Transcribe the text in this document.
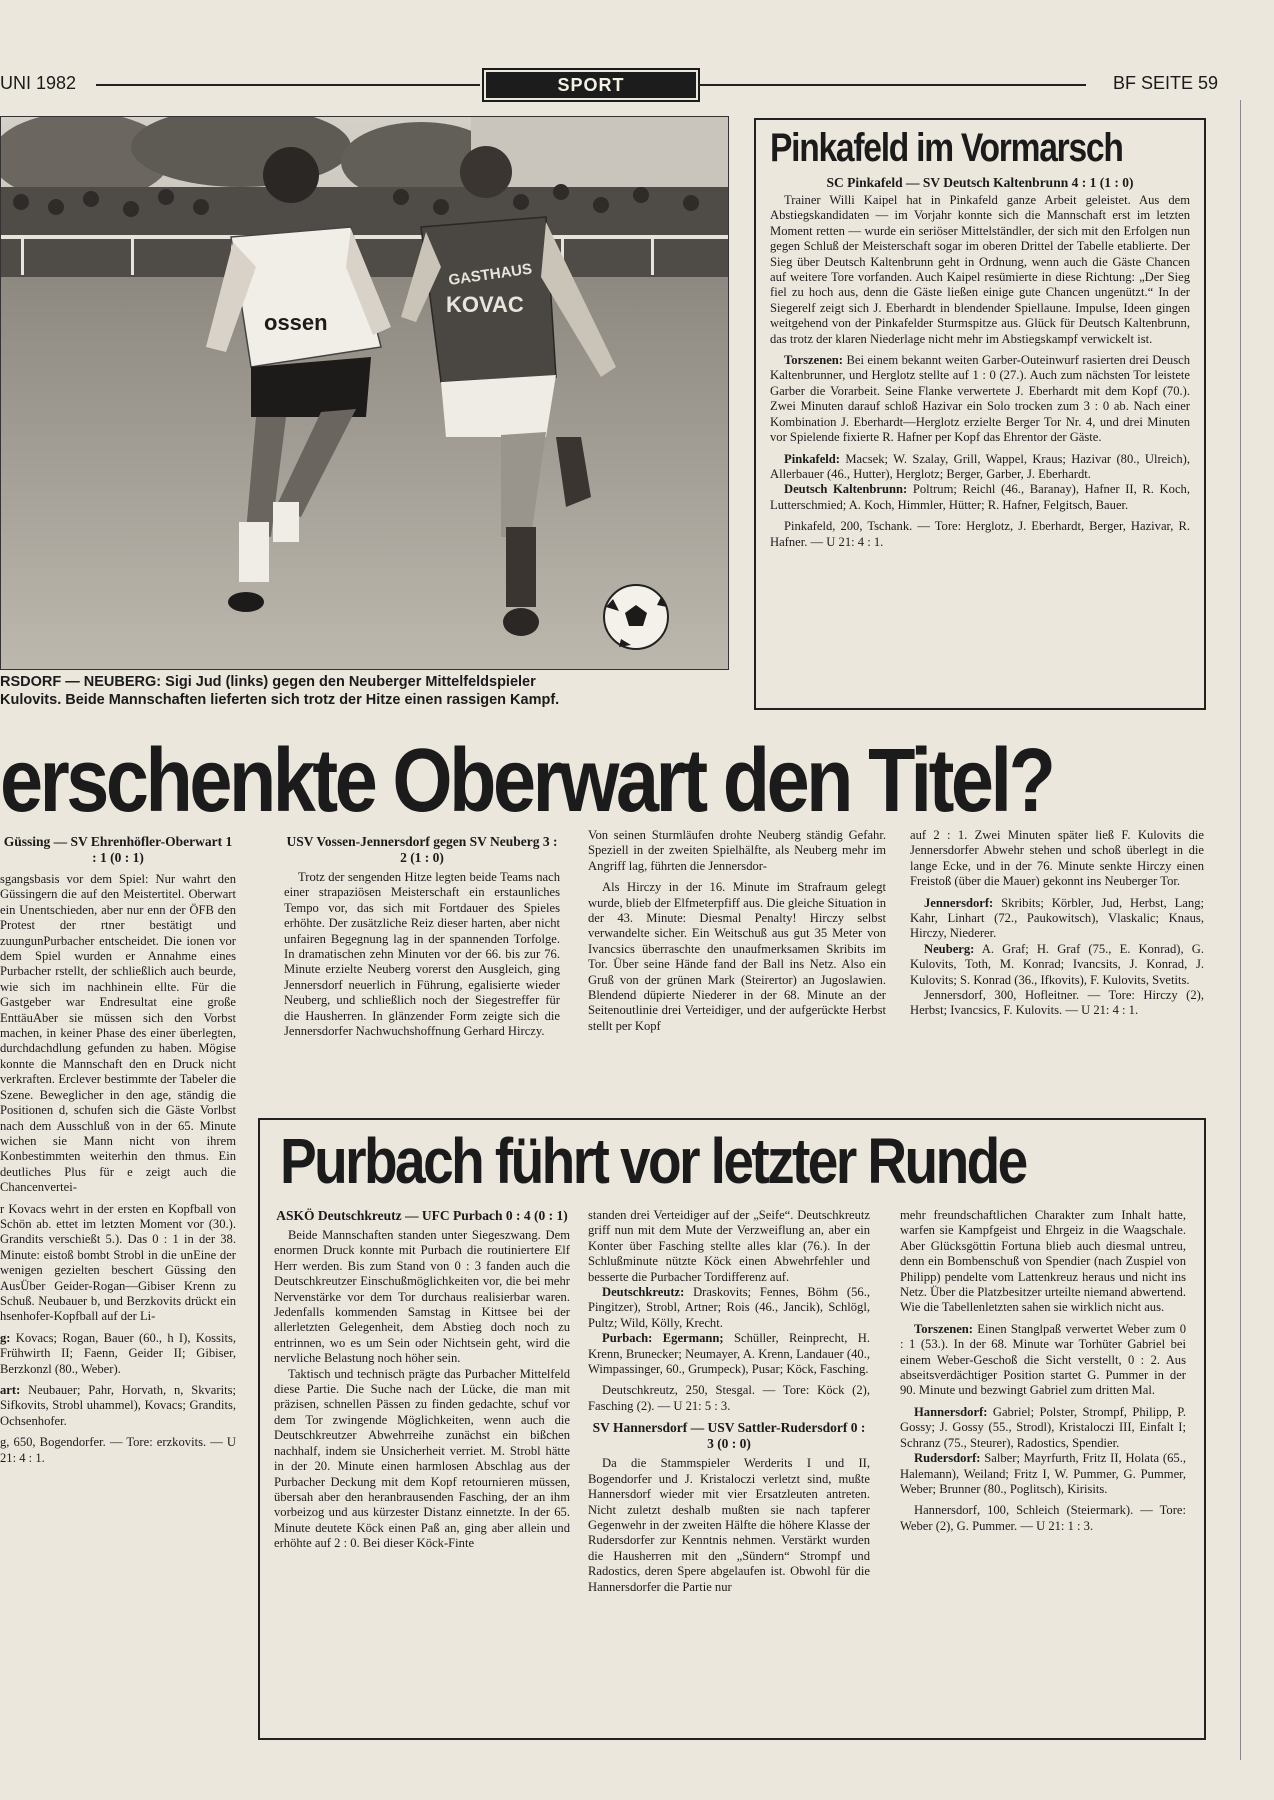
UNI 1982	SPORT	BF SEITE 59
ossen
GASTHAUS
KOVAC
RSDORF — NEUBERG: Sigi Jud (links) gegen den Neuberger Mittelfeldspieler
Kulovits. Beide Mannschaften lieferten sich trotz der Hitze einen rassigen Kampf.
Pinkafeld im Vormarsch
SC Pinkafeld — SV Deutsch Kaltenbrunn 4 : 1 (1 : 0)

Trainer Willi Kaipel hat in Pinkafeld ganze Arbeit geleistet. Aus dem Abstiegskandidaten — im Vorjahr konnte sich die Mannschaft erst im letzten Moment retten — wurde ein seriöser Mittelständler, der sich mit den Erfolgen nun gegen Schluß der Meisterschaft sogar im oberen Drittel der Tabelle etablierte. Der Sieg über Deutsch Kaltenbrunn geht in Ordnung, wenn auch die Gäste Chancen auf weitere Tore vorfanden. Auch Kaipel resümierte in diese Richtung: „Der Sieg fiel zu hoch aus, denn die Gäste ließen einige gute Chancen ungenützt.“ In der Siegerelf zeigt sich J. Eberhardt in blendender Spiellaune. Impulse, Ideen gingen weitgehend von der Pinkafelder Sturmspitze aus. Glück für Deutsch Kaltenbrunn, das trotz der klaren Niederlage nicht mehr im Abstiegskampf verwickelt ist.

Torszenen: Bei einem bekannt weiten Garber-Outeinwurf rasierten drei Deusch Kaltenbrunner, und Herglotz stellte auf 1 : 0 (27.). Auch zum nächsten Tor leistete Garber die Vorarbeit. Seine Flanke verwertete J. Eberhardt mit dem Kopf (70.). Zwei Minuten darauf schloß Hazivar ein Solo trocken zum 3 : 0 ab. Nach einer Kombination J. Eberhardt—Herglotz erzielte Berger Tor Nr. 4, und drei Minuten vor Spielende fixierte R. Hafner per Kopf das Ehrentor der Gäste.

Pinkafeld: Macsek; W. Szalay, Grill, Wappel, Kraus; Hazivar (80., Ulreich), Allerbauer (46., Hutter), Herglotz; Berger, Garber, J. Eberhardt.

Deutsch Kaltenbrunn: Poltrum; Reichl (46., Baranay), Hafner II, R. Koch, Lutterschmied; A. Koch, Himmler, Hütter; R. Hafner, Felgitsch, Bauer.

Pinkafeld, 200, Tschank. — Tore: Herglotz, J. Eberhardt, Berger, Hazivar, R. Hafner. — U 21: 4 : 1.

erschenkte Oberwart den Titel?
Güssing — SV Ehrenhöfler-Oberwart 1 : 1 (0 : 1)

sgangsbasis vor dem Spiel: Nur wahrt den Güssingern die auf den Meistertitel. Oberwart ein Unentschieden, aber nur enn der ÖFB den Protest der rtner bestätigt und zuungunPurbacher entscheidet. Die ionen vor dem Spiel wurden er Annahme eines Purbacher rstellt, der schließlich auch beurde, wie sich im nachhinein ellte. Für die Gastgeber war Endresultat eine große EnttäuAber sie müssen sich den Vorbst machen, in keiner Phase des einer überlegten, durchdachdlung gefunden zu haben. Mögise konnte die Mannschaft den en Druck nicht verkraften. Erclever bestimmte der Tabeler die Szene. Beweglicher in den age, ständig die Positionen d, schufen sich die Gäste Vorlbst nach dem Ausschluß von in der 65. Minute wichen sie Mann nicht von ihrem Konbestimmten weiterhin den thmus. Ein deutliches Plus für e zeigt auch die Chancenvertei-

r Kovacs wehrt in der ersten en Kopfball von Schön ab. ettet im letzten Moment vor (30.). Grandits verschießt 5.). Das 0 : 1 in der 38. Minute: eistoß bombt Strobl in die unEine der wenigen gezielten beschert Güssing den AusÜber Geider-Rogan—Gibiser Krenn zu Schuß. Neubauer b, und Berzkovits drückt ein hsenhofer-Kopfball auf der Li-

g: Kovacs; Rogan, Bauer (60., h I), Kossits, Frühwirth II; Faenn, Geider II; Gibiser, Berzkonzl (80., Weber).

art: Neubauer; Pahr, Horvath, n, Skvarits; Sifkovits, Strobl uhammel), Kovacs; Grandits, Ochsenhofer.

g, 650, Bogendorfer. — Tore: erzkovits. — U 21: 4 : 1.

USV Vossen-Jennersdorf gegen SV Neuberg 3 : 2 (1 : 0)

Trotz der sengenden Hitze legten beide Teams nach einer strapaziösen Meisterschaft ein erstaunliches Tempo vor, das sich mit Fortdauer des Spieles erhöhte. Der zusätzliche Reiz dieser harten, aber nicht unfairen Begegnung lag in der spannenden Torfolge. In dramatischen zehn Minuten vor der 66. bis zur 76. Minute erzielte Neuberg vorerst den Ausgleich, ging Jennersdorf neuerlich in Führung, egalisierte wieder Neuberg, und schließlich noch der Siegestreffer für die Hausherren. In glänzender Form zeigte sich die Jennersdorfer Nachwuchshoffnung Gerhard Hirczy.

Von seinen Sturmläufen drohte Neuberg ständig Gefahr. Speziell in der zweiten Spielhälfte, als Neuberg mehr im Angriff lag, führten die Jennersdor-

Als Hirczy in der 16. Minute im Strafraum gelegt wurde, blieb der Elfmeterpfiff aus. Die gleiche Situation in der 43. Minute: Diesmal Penalty! Hirczy selbst verwandelte sicher. Ein Weitschuß aus gut 35 Meter von Ivancsics überraschte den unaufmerksamen Skribits im Tor. Über seine Hände fand der Ball ins Netz. Also ein Gruß von der grünen Mark (Steirertor) an Jugoslawien. Blendend düpierte Niederer in der 68. Minute an der Seitenoutlinie drei Verteidiger, und der aufgerückte Herbst stellt per Kopf

auf 2 : 1. Zwei Minuten später ließ F. Kulovits die Jennersdorfer Abwehr stehen und schoß überlegt in die lange Ecke, und in der 76. Minute senkte Hirczy einen Freistoß (über die Mauer) gekonnt ins Neuberger Tor.

Jennersdorf: Skribits; Körbler, Jud, Herbst, Lang; Kahr, Linhart (72., Paukowitsch), Vlaskalic; Knaus, Hirczy, Niederer.

Neuberg: A. Graf; H. Graf (75., E. Konrad), G. Kulovits, Toth, M. Konrad; Ivancsits, J. Konrad, J. Kulovits; S. Konrad (36., Ifkovits), F. Kulovits, Svetits.

Jennersdorf, 300, Hofleitner. — Tore: Hirczy (2), Herbst; Ivancsics, F. Kulovits. — U 21: 4 : 1.

Purbach führt vor letzter Runde
ASKÖ Deutschkreutz — UFC Purbach 0 : 4 (0 : 1)

Beide Mannschaften standen unter Siegeszwang. Dem enormen Druck konnte mit Purbach die routiniertere Elf Herr werden. Bis zum Stand von 0 : 3 fanden auch die Deutschkreutzer Einschußmöglichkeiten vor, die bei mehr Nervenstärke vor dem Tor durchaus realisierbar waren. Jedenfalls kommenden Samstag in Kittsee bei der allerletzten Gelegenheit, dem Abstieg doch noch zu entrinnen, wo es um Sein oder Nichtsein geht, wird die nervliche Belastung noch höher sein.

Taktisch und technisch prägte das Purbacher Mittelfeld diese Partie. Die Suche nach der Lücke, die man mit präzisen, schnellen Pässen zu finden gedachte, schuf vor dem Tor zwingende Möglichkeiten, wenn auch die Deutschkreutzer Abwehrreihe zunächst ein bißchen nachhalf, indem sie Unsicherheit verriet. M. Strobl hätte in der 20. Minute einen harmlosen Abschlag aus der Purbacher Deckung mit dem Kopf retournieren müssen, übersah aber den heranbrausenden Fasching, der an ihm vorbeizog und aus kürzester Distanz einnetzte. In der 65. Minute deutete Köck einen Paß an, ging aber allein und erhöhte auf 2 : 0. Bei dieser Köck-Finte

standen drei Verteidiger auf der „Seife“. Deutschkreutz griff nun mit dem Mute der Verzweiflung an, aber ein Konter über Fasching stellte alles klar (76.). In der Schlußminute nützte Köck einen Abwehrfehler und besserte die Purbacher Tordifferenz auf.

Deutschkreutz: Draskovits; Fennes, Böhm (56., Pingitzer), Strobl, Artner; Rois (46., Jancik), Schlögl, Pultz; Wild, Kölly, Krecht.

Purbach: Egermann; Schüller, Reinprecht, H. Krenn, Brunecker; Neumayer, A. Krenn, Landauer (40., Wimpassinger, 60., Grumpeck), Pusar; Köck, Fasching.

Deutschkreutz, 250, Stesgal. — Tore: Köck (2), Fasching (2). — U 21: 5 : 3.

SV Hannersdorf — USV Sattler-Rudersdorf 0 : 3 (0 : 0)

Da die Stammspieler Werderits I und II, Bogendorfer und J. Kristaloczi verletzt sind, mußte Hannersdorf wieder mit vier Ersatzleuten antreten. Nicht zuletzt deshalb mußten sie nach tapferer Gegenwehr in der zweiten Hälfte die höhere Klasse der Rudersdorfer zur Kenntnis nehmen. Verstärkt wurden die Hausherren mit den „Sündern“ Strompf und Radostics, deren Spere abgelaufen ist. Obwohl für die Hannersdorfer die Partie nur

mehr freundschaftlichen Charakter zum Inhalt hatte, warfen sie Kampfgeist und Ehrgeiz in die Waagschale. Aber Glücksgöttin Fortuna blieb auch diesmal untreu, denn ein Bombenschuß von Spendier (nach Zuspiel von Philipp) pendelte vom Lattenkreuz heraus und nicht ins Netz. Über die Platzbesitzer urteilte niemand abwertend. Wie die Tabellenletzten sahen sie wirklich nicht aus.

Torszenen: Einen Stanglpaß verwertet Weber zum 0 : 1 (53.). In der 68. Minute war Torhüter Gabriel bei einem Weber-Geschoß die Sicht verstellt, 0 : 2. Aus abseitsverdächtiger Position startet G. Pummer in der 90. Minute und bezwingt Gabriel zum dritten Mal.

Hannersdorf: Gabriel; Polster, Strompf, Philipp, P. Gossy; J. Gossy (55., Strodl), Kristaloczi III, Einfalt I; Schranz (75., Steurer), Radostics, Spendier.

Rudersdorf: Salber; Mayrfurth, Fritz II, Holata (65., Halemann), Weiland; Fritz I, W. Pummer, G. Pummer, Weber; Brunner (80., Poglitsch), Kirisits.

Hannersdorf, 100, Schleich (Steiermark). — Tore: Weber (2), G. Pummer. — U 21: 1 : 3.
